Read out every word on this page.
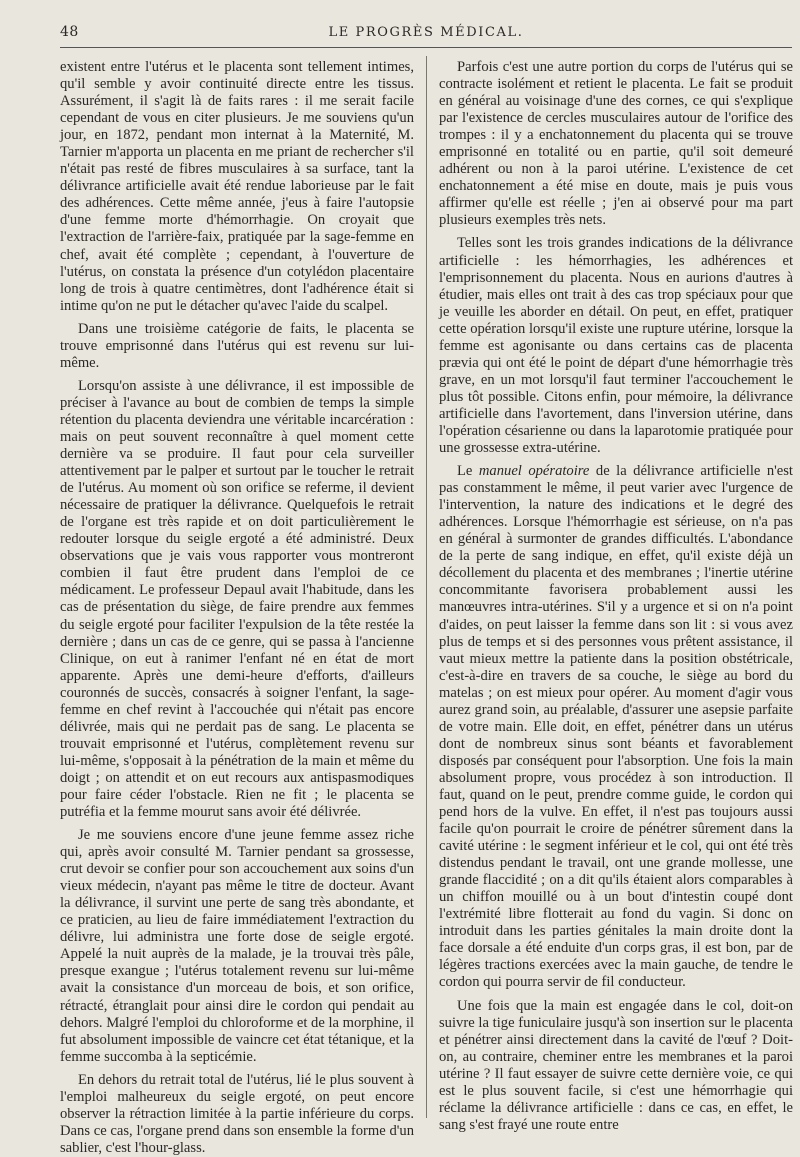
48	LE PROGRÈS MÉDICAL.

existent entre l'utérus et le placenta sont tellement intimes, qu'il semble y avoir continuité directe entre les tissus. Assurément, il s'agit là de faits rares : il me serait facile cependant de vous en citer plusieurs. Je me souviens qu'un jour, en 1872, pendant mon internat à la Maternité, M. Tarnier m'apporta un placenta en me priant de rechercher s'il n'était pas resté de fibres musculaires à sa surface, tant la délivrance artificielle avait été rendue laborieuse par le fait des adhérences. Cette même année, j'eus à faire l'autopsie d'une femme morte d'hémorrhagie. On croyait que l'extraction de l'arrière-faix, pratiquée par la sage-femme en chef, avait été complète ; cependant, à l'ouverture de l'utérus, on constata la présence d'un cotylédon placentaire long de trois à quatre centimètres, dont l'adhérence était si intime qu'on ne put le détacher qu'avec l'aide du scalpel.

Dans une troisième catégorie de faits, le placenta se trouve emprisonné dans l'utérus qui est revenu sur lui-même.

Lorsqu'on assiste à une délivrance, il est impossible de préciser à l'avance au bout de combien de temps la simple rétention du placenta deviendra une véritable incarcération : mais on peut souvent reconnaître à quel moment cette dernière va se produire. Il faut pour cela surveiller attentivement par le palper et surtout par le toucher le retrait de l'utérus. Au moment où son orifice se referme, il devient nécessaire de pratiquer la délivrance. Quelquefois le retrait de l'organe est très rapide et on doit particulièrement le redouter lorsque du seigle ergoté a été administré. Deux observations que je vais vous rapporter vous montreront combien il faut être prudent dans l'emploi de ce médicament. Le professeur Depaul avait l'habitude, dans les cas de présentation du siège, de faire prendre aux femmes du seigle ergoté pour faciliter l'expulsion de la tête restée la dernière ; dans un cas de ce genre, qui se passa à l'ancienne Clinique, on eut à ranimer l'enfant né en état de mort apparente. Après une demi-heure d'efforts, d'ailleurs couronnés de succès, consacrés à soigner l'enfant, la sage-femme en chef revint à l'accouchée qui n'était pas encore délivrée, mais qui ne perdait pas de sang. Le placenta se trouvait emprisonné et l'utérus, complètement revenu sur lui-même, s'opposait à la pénétration de la main et même du doigt ; on attendit et on eut recours aux antispasmodiques pour faire céder l'obstacle. Rien ne fit ; le placenta se putréfia et la femme mourut sans avoir été délivrée.

Je me souviens encore d'une jeune femme assez riche qui, après avoir consulté M. Tarnier pendant sa grossesse, crut devoir se confier pour son accouchement aux soins d'un vieux médecin, n'ayant pas même le titre de docteur. Avant la délivrance, il survint une perte de sang très abondante, et ce praticien, au lieu de faire immédiatement l'extraction du délivre, lui administra une forte dose de seigle ergoté. Appelé la nuit auprès de la malade, je la trouvai très pâle, presque exangue ; l'utérus totalement revenu sur lui-même avait la consistance d'un morceau de bois, et son orifice, rétracté, étranglait pour ainsi dire le cordon qui pendait au dehors. Malgré l'emploi du chloroforme et de la morphine, il fut absolument impossible de vaincre cet état tétanique, et la femme succomba à la septicémie.

En dehors du retrait total de l'utérus, lié le plus souvent à l'emploi malheureux du seigle ergoté, on peut encore observer la rétraction limitée à la partie inférieure du corps. Dans ce cas, l'organe prend dans son ensemble la forme d'un sablier, c'est l'hour-glass.

Parfois c'est une autre portion du corps de l'utérus qui se contracte isolément et retient le placenta. Le fait se produit en général au voisinage d'une des cornes, ce qui s'explique par l'existence de cercles musculaires autour de l'orifice des trompes : il y a enchatonnement du placenta qui se trouve emprisonné en totalité ou en partie, qu'il soit demeuré adhérent ou non à la paroi utérine. L'existence de cet enchatonnement a été mise en doute, mais je puis vous affirmer qu'elle est réelle ; j'en ai observé pour ma part plusieurs exemples très nets.

Telles sont les trois grandes indications de la délivrance artificielle : les hémorrhagies, les adhérences et l'emprisonnement du placenta. Nous en aurions d'autres à étudier, mais elles ont trait à des cas trop spéciaux pour que je veuille les aborder en détail. On peut, en effet, pratiquer cette opération lorsqu'il existe une rupture utérine, lorsque la femme est agonisante ou dans certains cas de placenta prævia qui ont été le point de départ d'une hémorrhagie très grave, en un mot lorsqu'il faut terminer l'accouchement le plus tôt possible. Citons enfin, pour mémoire, la délivrance artificielle dans l'avortement, dans l'inversion utérine, dans l'opération césarienne ou dans la laparotomie pratiquée pour une grossesse extra-utérine.

Le manuel opératoire de la délivrance artificielle n'est pas constamment le même, il peut varier avec l'urgence de l'intervention, la nature des indications et le degré des adhérences. Lorsque l'hémorrhagie est sérieuse, on n'a pas en général à surmonter de grandes difficultés. L'abondance de la perte de sang indique, en effet, qu'il existe déjà un décollement du placenta et des membranes ; l'inertie utérine concommitante favorisera probablement aussi les manœuvres intra-utérines. S'il y a urgence et si on n'a point d'aides, on peut laisser la femme dans son lit : si vous avez plus de temps et si des personnes vous prêtent assistance, il vaut mieux mettre la patiente dans la position obstétricale, c'est-à-dire en travers de sa couche, le siège au bord du matelas ; on est mieux pour opérer. Au moment d'agir vous aurez grand soin, au préalable, d'assurer une asepsie parfaite de votre main. Elle doit, en effet, pénétrer dans un utérus dont de nombreux sinus sont béants et favorablement disposés par conséquent pour l'absorption. Une fois la main absolument propre, vous procédez à son introduction. Il faut, quand on le peut, prendre comme guide, le cordon qui pend hors de la vulve. En effet, il n'est pas toujours aussi facile qu'on pourrait le croire de pénétrer sûrement dans la cavité utérine : le segment inférieur et le col, qui ont été très distendus pendant le travail, ont une grande mollesse, une grande flaccidité ; on a dit qu'ils étaient alors comparables à un chiffon mouillé ou à un bout d'intestin coupé dont l'extrémité libre flotterait au fond du vagin. Si donc on introduit dans les parties génitales la main droite dont la face dorsale a été enduite d'un corps gras, il est bon, par de légères tractions exercées avec la main gauche, de tendre le cordon qui pourra servir de fil conducteur.

Une fois que la main est engagée dans le col, doit-on suivre la tige funiculaire jusqu'à son insertion sur le placenta et pénétrer ainsi directement dans la cavité de l'œuf ? Doit-on, au contraire, cheminer entre les membranes et la paroi utérine ? Il faut essayer de suivre cette dernière voie, ce qui est le plus souvent facile, si c'est une hémorrhagie qui réclame la délivrance artificielle : dans ce cas, en effet, le sang s'est frayé une route entre
